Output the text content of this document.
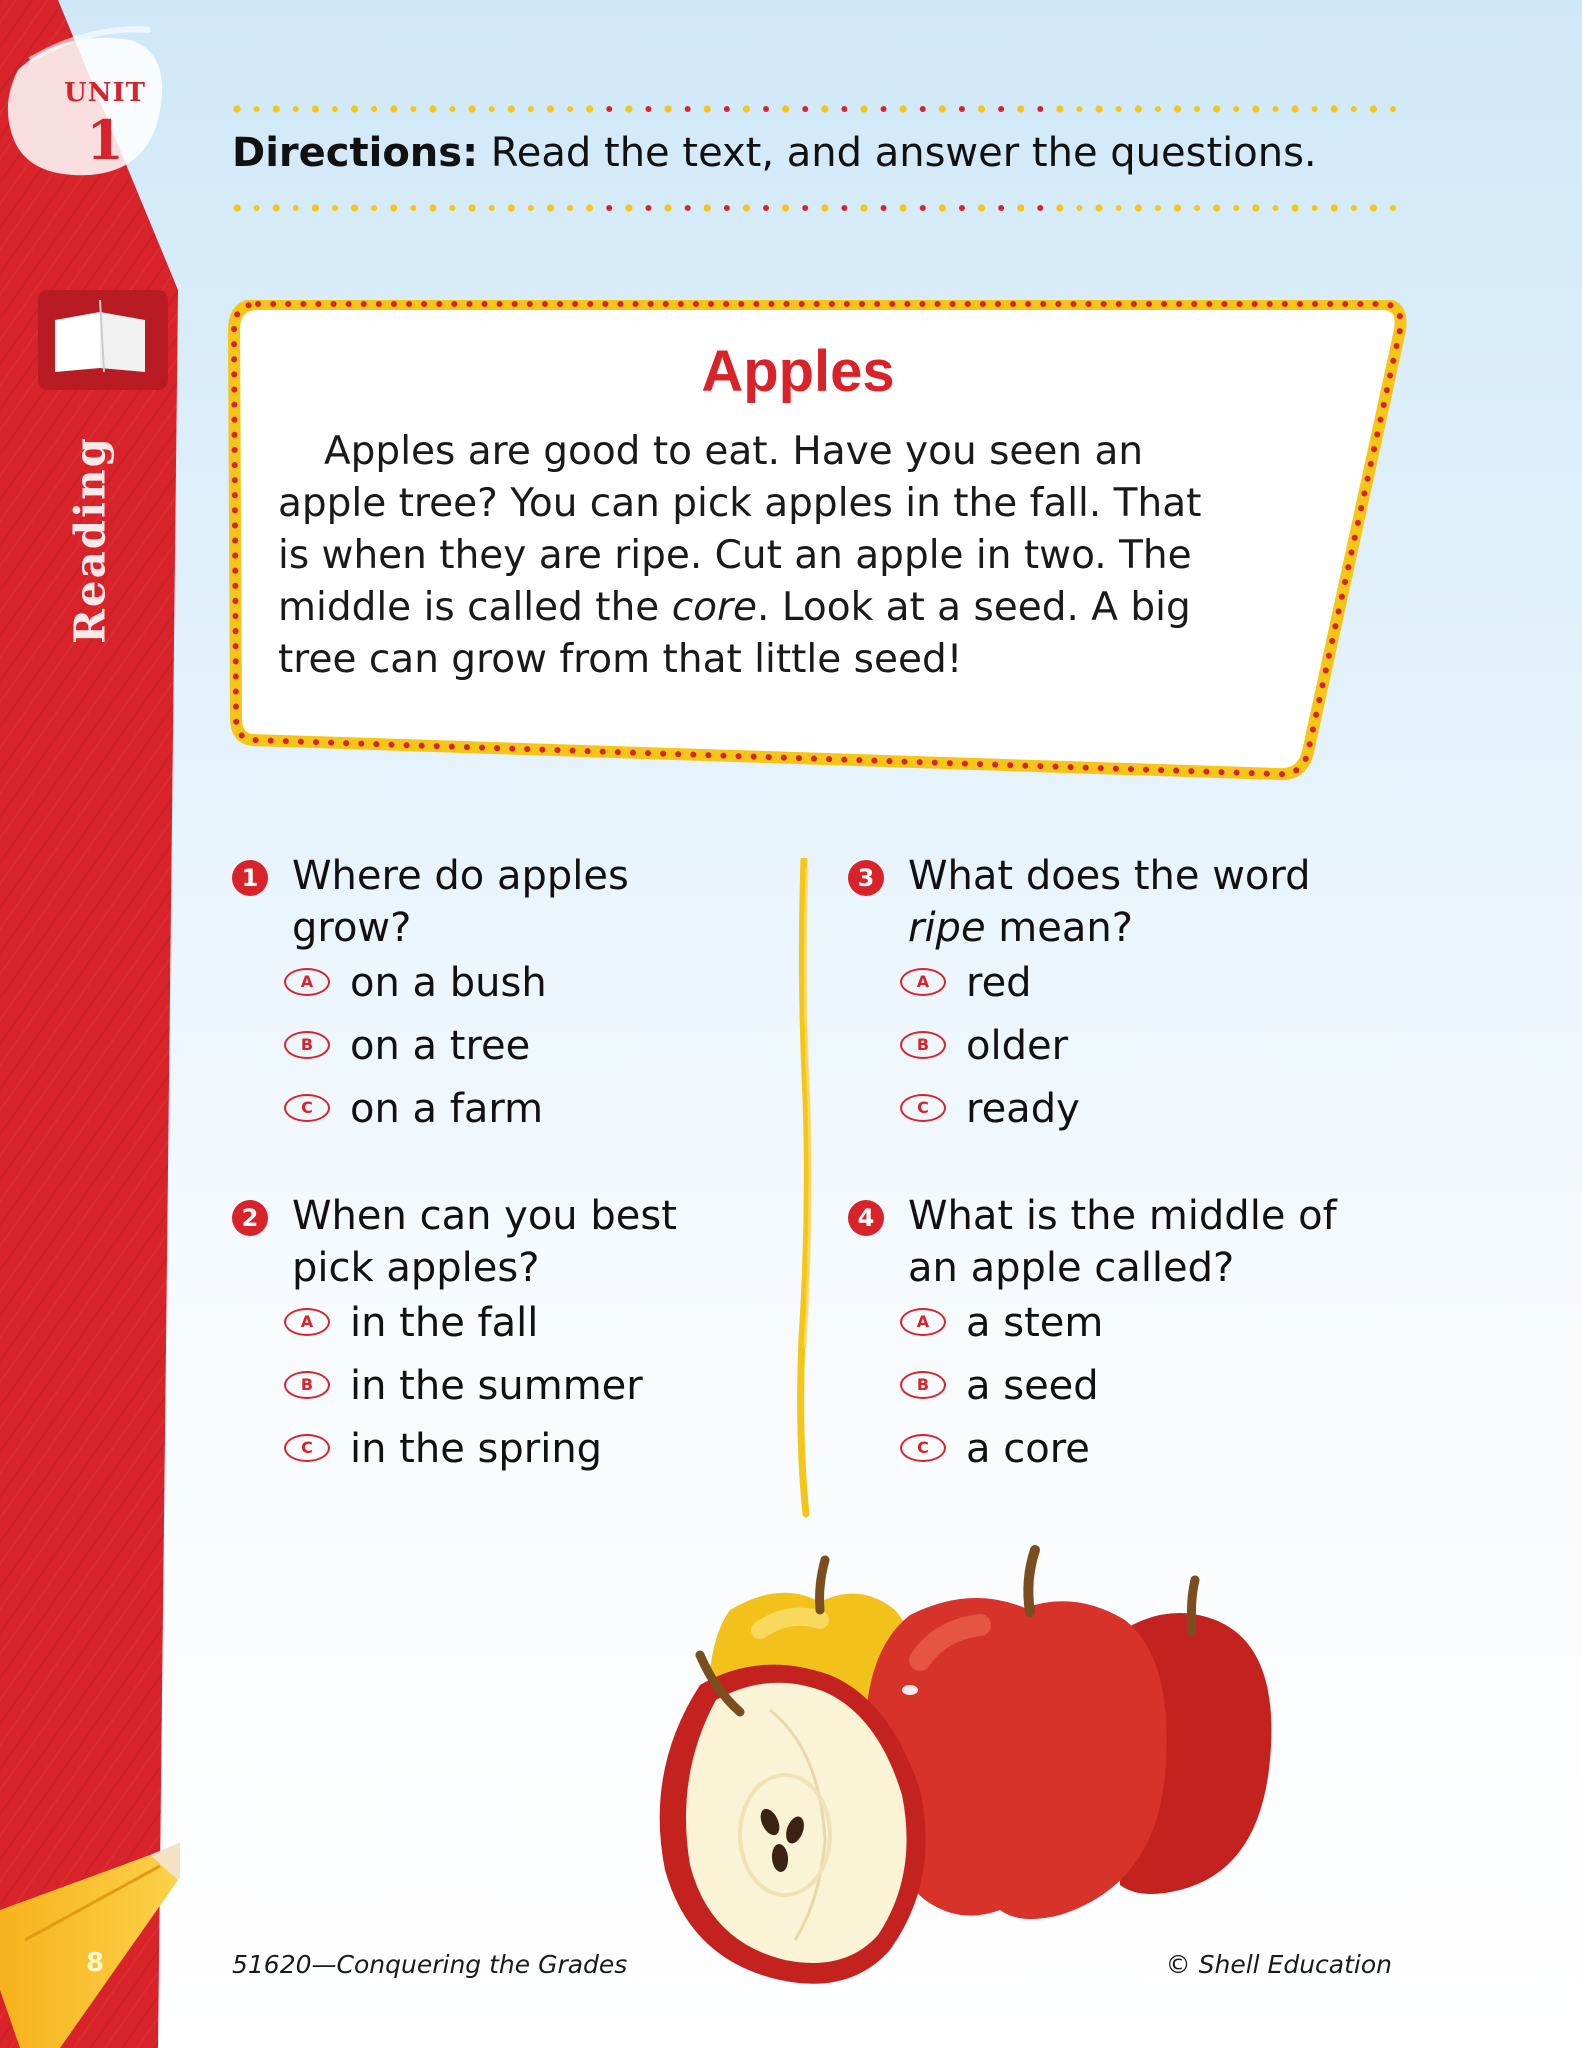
UNIT
1
Reading
8
Directions: Read the text, and answer the questions.
Apples
Apples are good to eat. Have you seen an
apple tree? You can pick apples in the fall. That
is when they are ripe. Cut an apple in two. The
middle is called the core. Look at a seed. A big
tree can grow from that little seed!
1 Where do apples
grow?
A on a bush
B on a tree
C on a farm
2 When can you best
pick apples?
A in the fall
B in the summer
C in the spring
3 What does the word
ripe mean?
A red
B older
C ready
4 What is the middle of
an apple called?
A a stem
B a seed
C a core
51620—Conquering the Grades	© Shell Education
